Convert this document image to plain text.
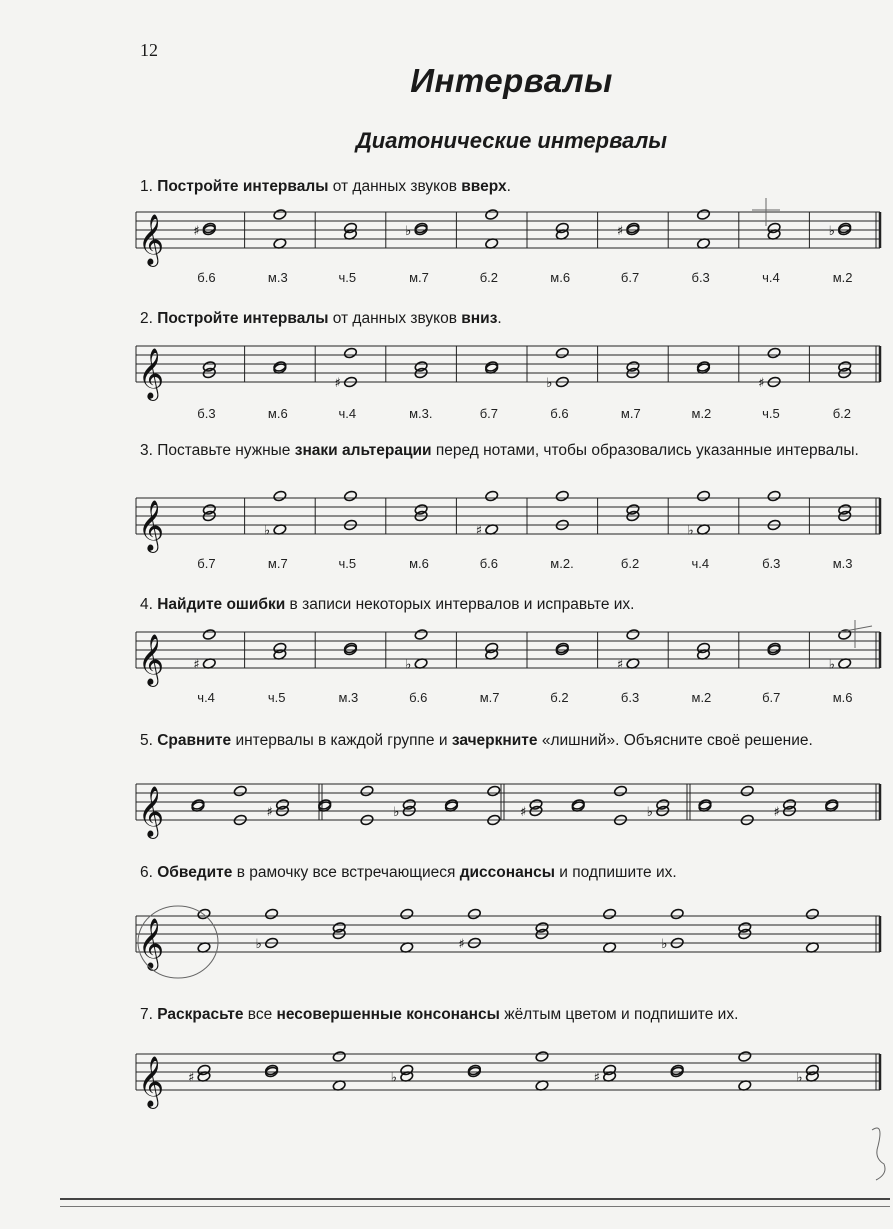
12
Интервалы
Диатонические интервалы
1. Постройте интервалы от данных звуков вверх.
2. Постройте интервалы от данных звуков вниз.
3. Поставьте нужные знаки альтерации перед нотами, чтобы образовались указанные интервалы.
4. Найдите ошибки в записи некоторых интервалов и исправьте их.
5. Сравните интервалы в каждой группе и зачеркните «лишний». Объясните своё решение.
6. Обведите в рамочку все встречающиеся диссонансы и подпишите их.
7. Раскрасьте все несовершенные консонансы жёлтым цветом и подпишите их.
𝄞 ♯	♭	♯	♭
б.6	м.3	ч.5	м.7	б.2	м.6	б.7	б.3	ч.4	м.2
𝄞	♯	♭	♯
б.3	м.6	ч.4	м.3.	б.7	б.6	м.7	м.2	ч.5	б.2
𝄞	♭	♯	♭
б.7	м.7	ч.5	м.6	б.6	м.2.	б.2	ч.4	б.3	м.3
𝄞 ♯	♭	♯	♭
ч.4	ч.5	м.3	б.6	м.7	б.2	б.3	м.2	б.7	м.6
𝄞	♯	♭	♯	♭	♯
𝄞	♭	♯	♭
𝄞 ♯	♭	♯	♭
